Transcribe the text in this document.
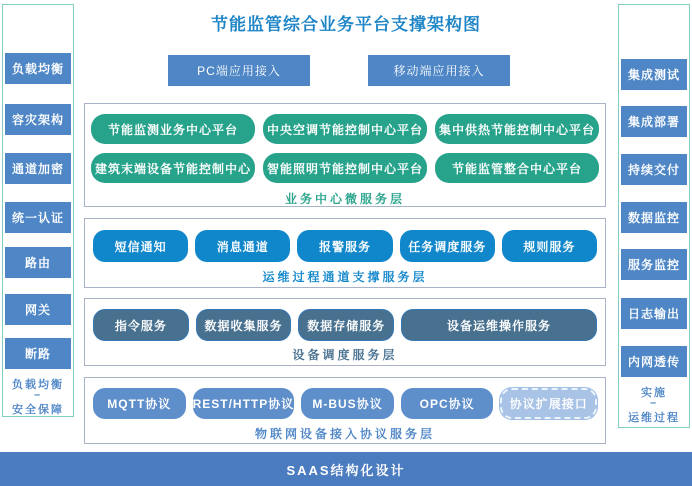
节能监管综合业务平台支撑架构图
负载均衡
容灾架构
通道加密
统一认证
路由
网关
断路
负载均衡
–
安全保障
集成测试
集成部署
持续交付
数据监控
服务监控
日志输出
内网透传
实施
–
运维过程
PC端应用接入	移动端应用接入
节能监测业务中心平台	中央空调节能控制中心平台	集中供热节能控制中心平台
建筑末端设备节能控制中心	智能照明节能控制中心平台	节能监管整合中心平台
业务中心微服务层
短信通知	消息通道	报警服务	任务调度服务	规则服务
运维过程通道支撑服务层
指令服务	数据收集服务	数据存储服务	设备运维操作服务
设备调度服务层
MQTT协议	REST/HTTP协议	M-BUS协议	OPC协议	协议扩展接口
物联网设备接入协议服务层
SAAS结构化设计
